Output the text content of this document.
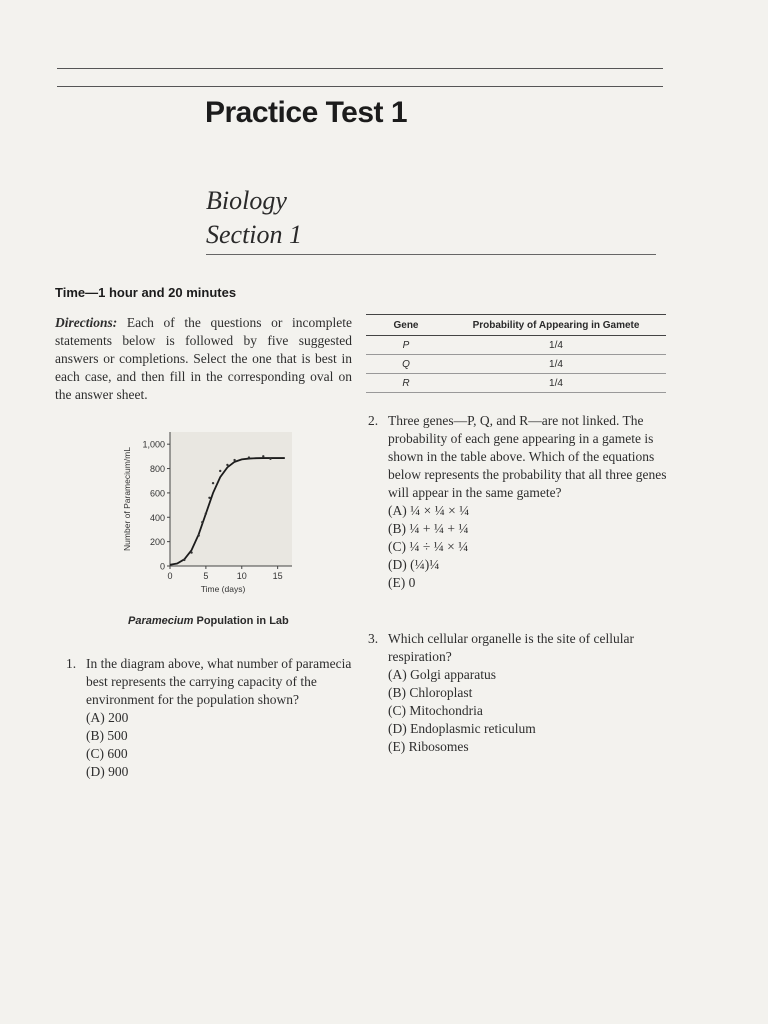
Practice Test 1
Biology
Section 1
Time—1 hour and 20 minutes
Directions: Each of the questions or incomplete statements below is followed by five suggested answers or completions. Select the one that is best in each case, and then fill in the corresponding oval on the answer sheet.
Gene	Probability of Appearing in Gamete
P	1/4
Q	1/4
R	1/4
0
200
400
600
800
1,000
0	5	10	15
Time (days)
Number of Paramecium/mL
Paramecium Population in Lab
1. In the diagram above, what number of paramecia best represents the carrying capacity of the environment for the population shown?
(A) 200
(B) 500
(C) 600
(D) 900
2. Three genes—P, Q, and R—are not linked. The probability of each gene appearing in a gamete is shown in the table above. Which of the equations below represents the probability that all three genes will appear in the same gamete?
(A) ¼ × ¼ × ¼
(B) ¼ + ¼ + ¼
(C) ¼ ÷ ¼ × ¼
(D) (¼)¼
(E) 0
3. Which cellular organelle is the site of cellular respiration?
(A) Golgi apparatus
(B) Chloroplast
(C) Mitochondria
(D) Endoplasmic reticulum
(E) Ribosomes
